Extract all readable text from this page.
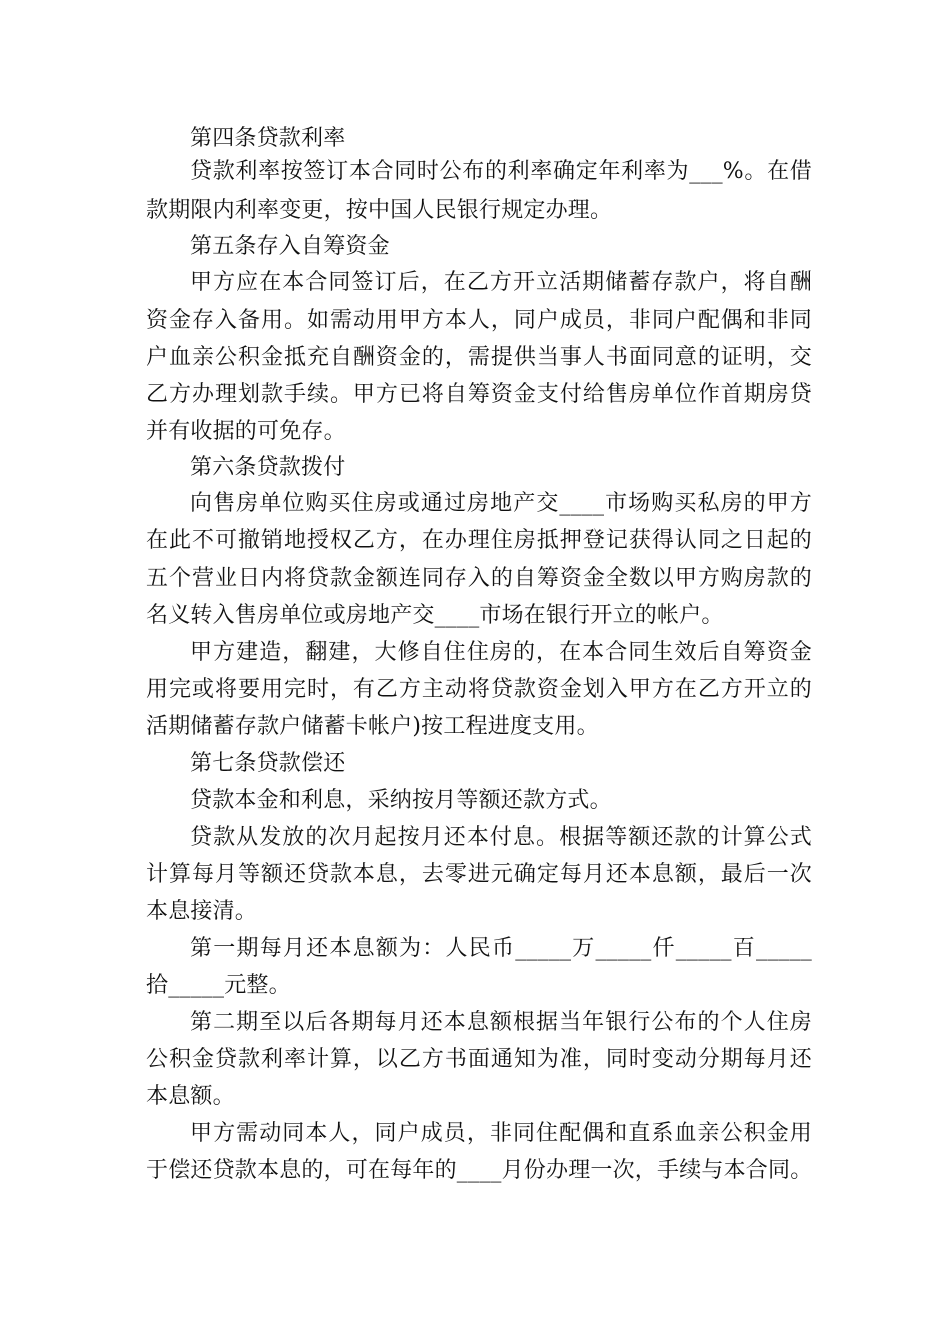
第四条贷款利率
贷款利率按签订本合同时公布的利率确定年利率为___%。在借
款期限内利率变更，按中国人民银行规定办理。
第五条存入自筹资金
甲方应在本合同签订后，在乙方开立活期储蓄存款户，将自酬
资金存入备用。如需动用甲方本人，同户成员，非同户配偶和非同
户血亲公积金抵充自酬资金的，需提供当事人书面同意的证明，交
乙方办理划款手续。甲方已将自筹资金支付给售房单位作首期房贷
并有收据的可免存。
第六条贷款拨付
向售房单位购买住房或通过房地产交____市场购买私房的甲方
在此不可撤销地授权乙方，在办理住房抵押登记获得认同之日起的
五个营业日内将贷款金额连同存入的自筹资金全数以甲方购房款的
名义转入售房单位或房地产交____市场在银行开立的帐户。
甲方建造，翻建，大修自住住房的，在本合同生效后自筹资金
用完或将要用完时，有乙方主动将贷款资金划入甲方在乙方开立的
活期储蓄存款户储蓄卡帐户)按工程进度支用。
第七条贷款偿还
贷款本金和利息，采纳按月等额还款方式。
贷款从发放的次月起按月还本付息。根据等额还款的计算公式
计算每月等额还贷款本息，去零进元确定每月还本息额，最后一次
本息接清。
第一期每月还本息额为：人民币_____万_____仟_____百_____
拾_____元整。
第二期至以后各期每月还本息额根据当年银行公布的个人住房
公积金贷款利率计算，以乙方书面通知为准，同时变动分期每月还
本息额。
甲方需动同本人，同户成员，非同住配偶和直系血亲公积金用
于偿还贷款本息的，可在每年的____月份办理一次，手续与本合同。
